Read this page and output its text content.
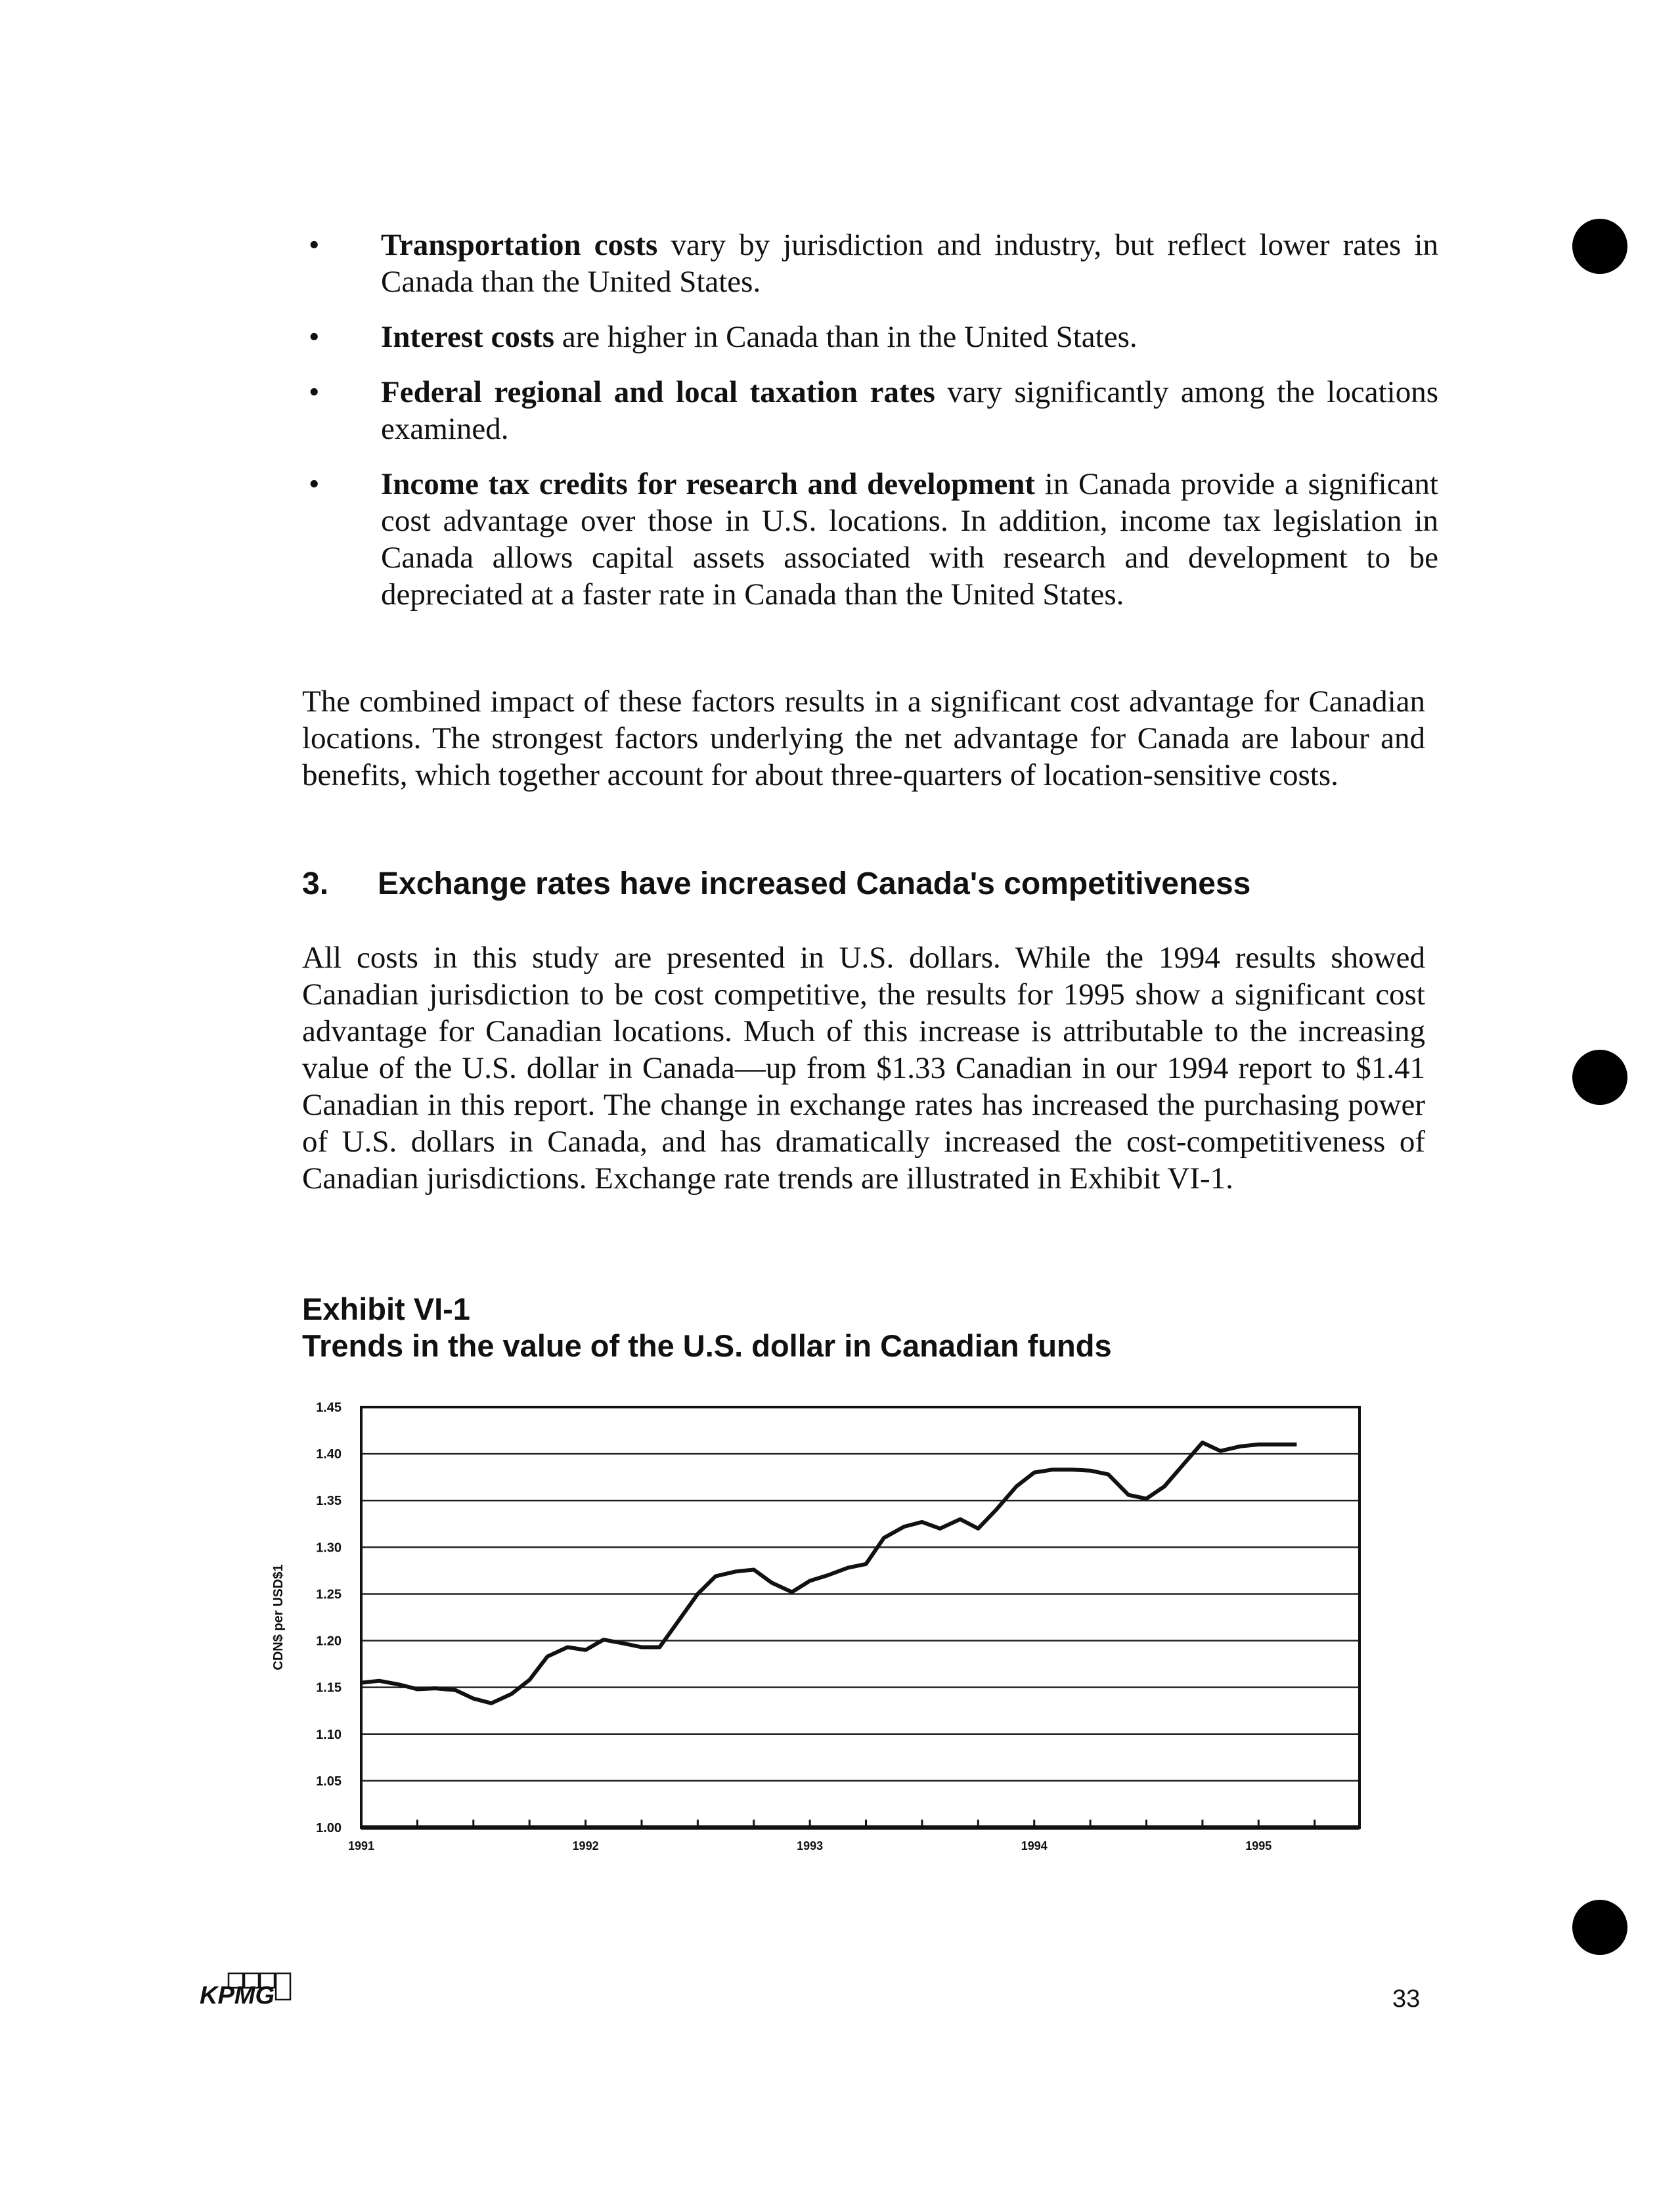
• Transportation costs vary by jurisdiction and industry, but reflect lower rates in Canada than the United States.
• Interest costs are higher in Canada than in the United States.
• Federal regional and local taxation rates vary significantly among the locations examined.
• Income tax credits for research and development in Canada provide a significant cost advantage over those in U.S. locations. In addition, income tax legislation in Canada allows capital assets associated with research and development to be depreciated at a faster rate in Canada than the United States.

The combined impact of these factors results in a significant cost advantage for Canadian locations. The strongest factors underlying the net advantage for Canada are labour and benefits, which together account for about three-quarters of location-sensitive costs.

3. Exchange rates have increased Canada's competitiveness

All costs in this study are presented in U.S. dollars. While the 1994 results showed Canadian jurisdiction to be cost competitive, the results for 1995 show a significant cost advantage for Canadian locations. Much of this increase is attributable to the increasing value of the U.S. dollar in Canada—up from $1.33 Canadian in our 1994 report to $1.41 Canadian in this report. The change in exchange rates has increased the purchasing power of U.S. dollars in Canada, and has dramatically increased the cost-competitiveness of Canadian jurisdictions. Exchange rate trends are illustrated in Exhibit VI-1.

Exhibit VI-1

Trends in the value of the U.S. dollar in Canadian funds

1.00
1.05
1.10
1.15
1.20
1.25
1.30
1.35
1.40
1.45
1991	1992	1993	1994	1995
CDN$ per USD$1
KPMG	33
